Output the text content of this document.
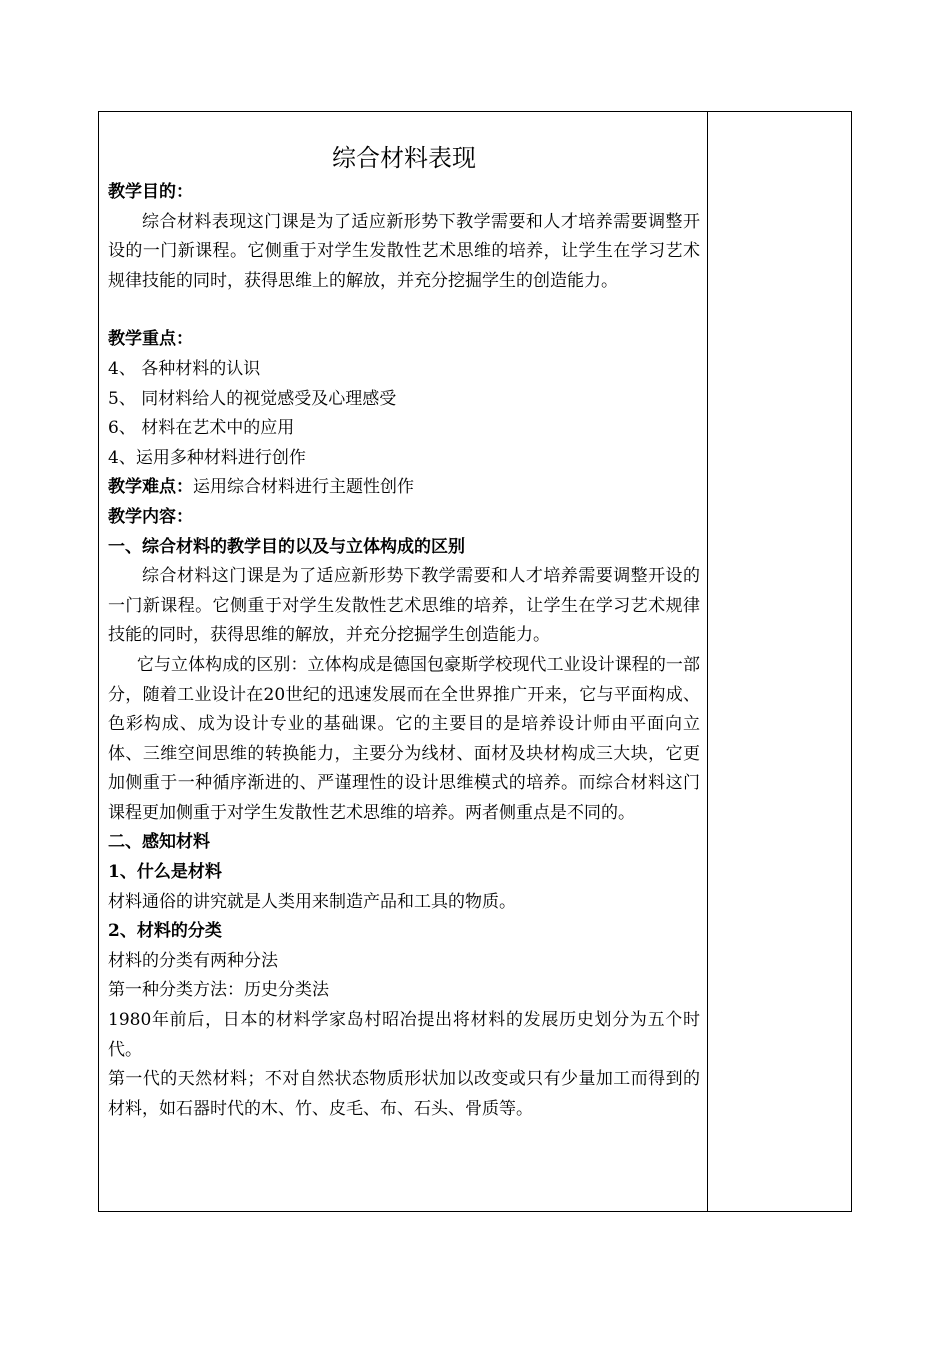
综合材料表现
教学目的：
综合材料表现这门课是为了适应新形势下教学需要和人才培养需要调整开设的一门新课程。它侧重于对学生发散性艺术思维的培养，让学生在学习艺术规律技能的同时，获得思维上的解放，并充分挖掘学生的创造能力。
教学重点：
4、 各种材料的认识
5、 同材料给人的视觉感受及心理感受
6、 材料在艺术中的应用
4、运用多种材料进行创作
教学难点：运用综合材料进行主题性创作
教学内容：
一、综合材料的教学目的以及与立体构成的区别
综合材料这门课是为了适应新形势下教学需要和人才培养需要调整开设的一门新课程。它侧重于对学生发散性艺术思维的培养，让学生在学习艺术规律技能的同时，获得思维的解放，并充分挖掘学生创造能力。
它与立体构成的区别：立体构成是德国包豪斯学校现代工业设计课程的一部分，随着工业设计在20世纪的迅速发展而在全世界推广开来，它与平面构成、色彩构成、成为设计专业的基础课。它的主要目的是培养设计师由平面向立体、三维空间思维的转换能力，主要分为线材、面材及块材构成三大块，它更加侧重于一种循序渐进的、严谨理性的设计思维模式的培养。而综合材料这门课程更加侧重于对学生发散性艺术思维的培养。两者侧重点是不同的。
二、感知材料
1、什么是材料
材料通俗的讲究就是人类用来制造产品和工具的物质。
2、材料的分类
材料的分类有两种分法
第一种分类方法：历史分类法
1980年前后，日本的材料学家岛村昭冶提出将材料的发展历史划分为五个时代。
第一代的天然材料；不对自然状态物质形状加以改变或只有少量加工而得到的材料，如石器时代的木、竹、皮毛、布、石头、骨质等。
